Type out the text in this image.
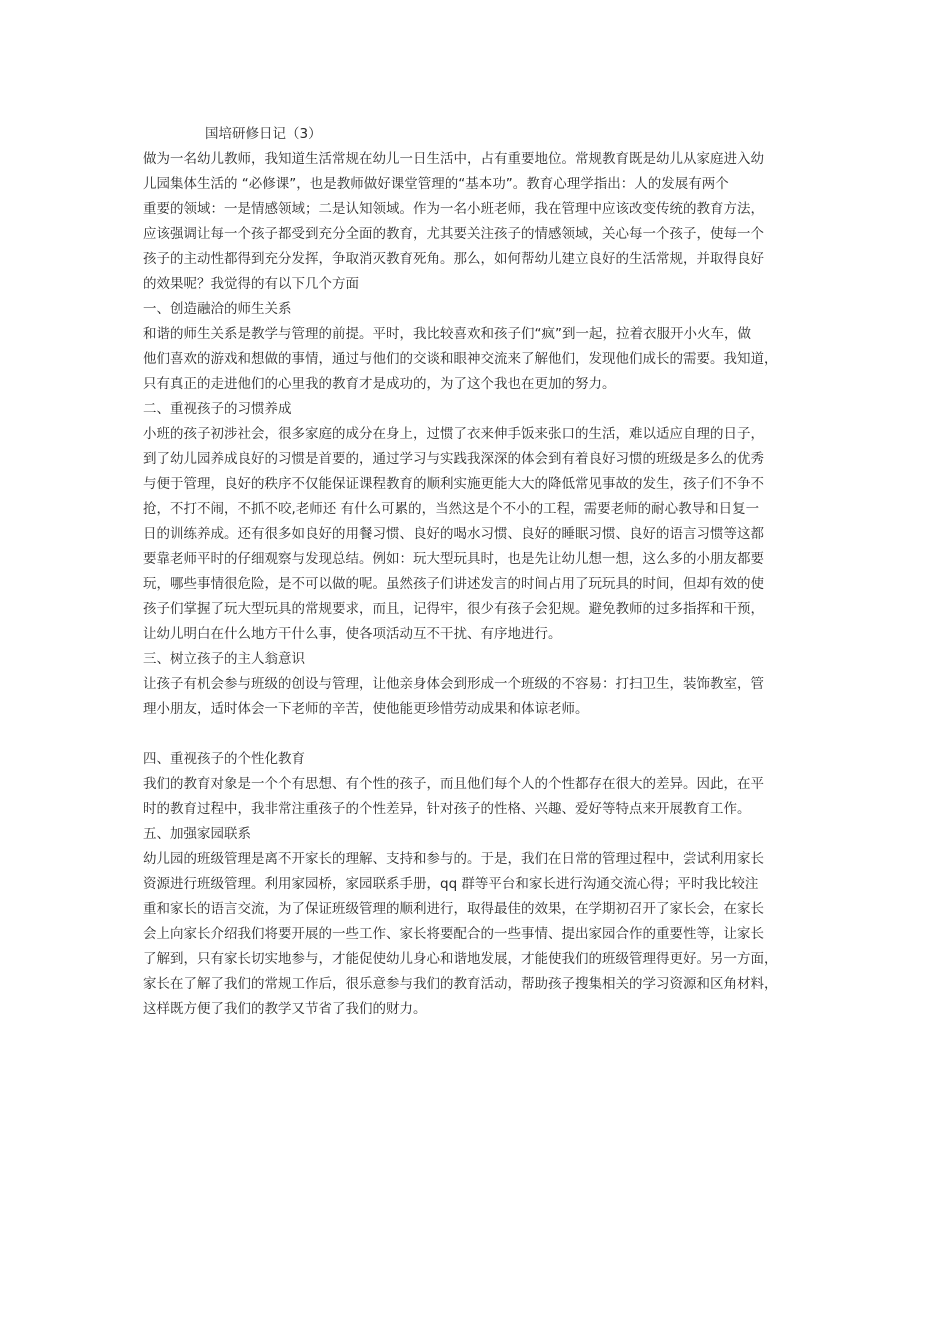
国培研修日记（3）

做为一名幼儿教师，我知道生活常规在幼儿一日生活中，占有重要地位。常规教育既是幼儿从家庭进入幼

儿园集体生活的 “必修课”，也是教师做好课堂管理的“基本功”。教育心理学指出：人的发展有两个

重要的领域：一是情感领域；二是认知领域。作为一名小班老师，我在管理中应该改变传统的教育方法，

应该强调让每一个孩子都受到充分全面的教育，尤其要关注孩子的情感领域，关心每一个孩子，使每一个

孩子的主动性都得到充分发挥，争取消灭教育死角。那么，如何帮幼儿建立良好的生活常规，并取得良好

的效果呢？我觉得的有以下几个方面

一、创造融洽的师生关系

和谐的师生关系是教学与管理的前提。平时，我比较喜欢和孩子们“疯”到一起，拉着衣服开小火车，做

他们喜欢的游戏和想做的事情，通过与他们的交谈和眼神交流来了解他们，发现他们成长的需要。我知道，

只有真正的走进他们的心里我的教育才是成功的，为了这个我也在更加的努力。

二、重视孩子的习惯养成

小班的孩子初涉社会，很多家庭的成分在身上，过惯了衣来伸手饭来张口的生活，难以适应自理的日子，

到了幼儿园养成良好的习惯是首要的，通过学习与实践我深深的体会到有着良好习惯的班级是多么的优秀

与便于管理，良好的秩序不仅能保证课程教育的顺利实施更能大大的降低常见事故的发生，孩子们不争不

抢，不打不闹，不抓不咬,老师还 有什么可累的，当然这是个不小的工程，需要老师的耐心教导和日复一

日的训练养成。还有很多如良好的用餐习惯、良好的喝水习惯、良好的睡眠习惯、良好的语言习惯等这都

要靠老师平时的仔细观察与发现总结。例如：玩大型玩具时，也是先让幼儿想一想，这么多的小朋友都要

玩，哪些事情很危险，是不可以做的呢。虽然孩子们讲述发言的时间占用了玩玩具的时间，但却有效的使

孩子们掌握了玩大型玩具的常规要求，而且，记得牢，很少有孩子会犯规。避免教师的过多指挥和干预，

让幼儿明白在什么地方干什么事，使各项活动互不干扰、有序地进行。

三、树立孩子的主人翁意识

让孩子有机会参与班级的创设与管理，让他亲身体会到形成一个班级的不容易：打扫卫生，装饰教室，管

理小朋友，适时体会一下老师的辛苦，使他能更珍惜劳动成果和体谅老师。

四、重视孩子的个性化教育

我们的教育对象是一个个有思想、有个性的孩子，而且他们每个人的个性都存在很大的差异。因此，在平

时的教育过程中，我非常注重孩子的个性差异，针对孩子的性格、兴趣、爱好等特点来开展教育工作。

五、加强家园联系

幼儿园的班级管理是离不开家长的理解、支持和参与的。于是，我们在日常的管理过程中，尝试利用家长

资源进行班级管理。利用家园桥，家园联系手册，qq 群等平台和家长进行沟通交流心得；平时我比较注

重和家长的语言交流，为了保证班级管理的顺利进行，取得最佳的效果，在学期初召开了家长会，在家长

会上向家长介绍我们将要开展的一些工作、家长将要配合的一些事情、提出家园合作的重要性等，让家长

了解到，只有家长切实地参与，才能促使幼儿身心和谐地发展，才能使我们的班级管理得更好。另一方面，

家长在了解了我们的常规工作后，很乐意参与我们的教育活动，帮助孩子搜集相关的学习资源和区角材料，

这样既方便了我们的教学又节省了我们的财力。
